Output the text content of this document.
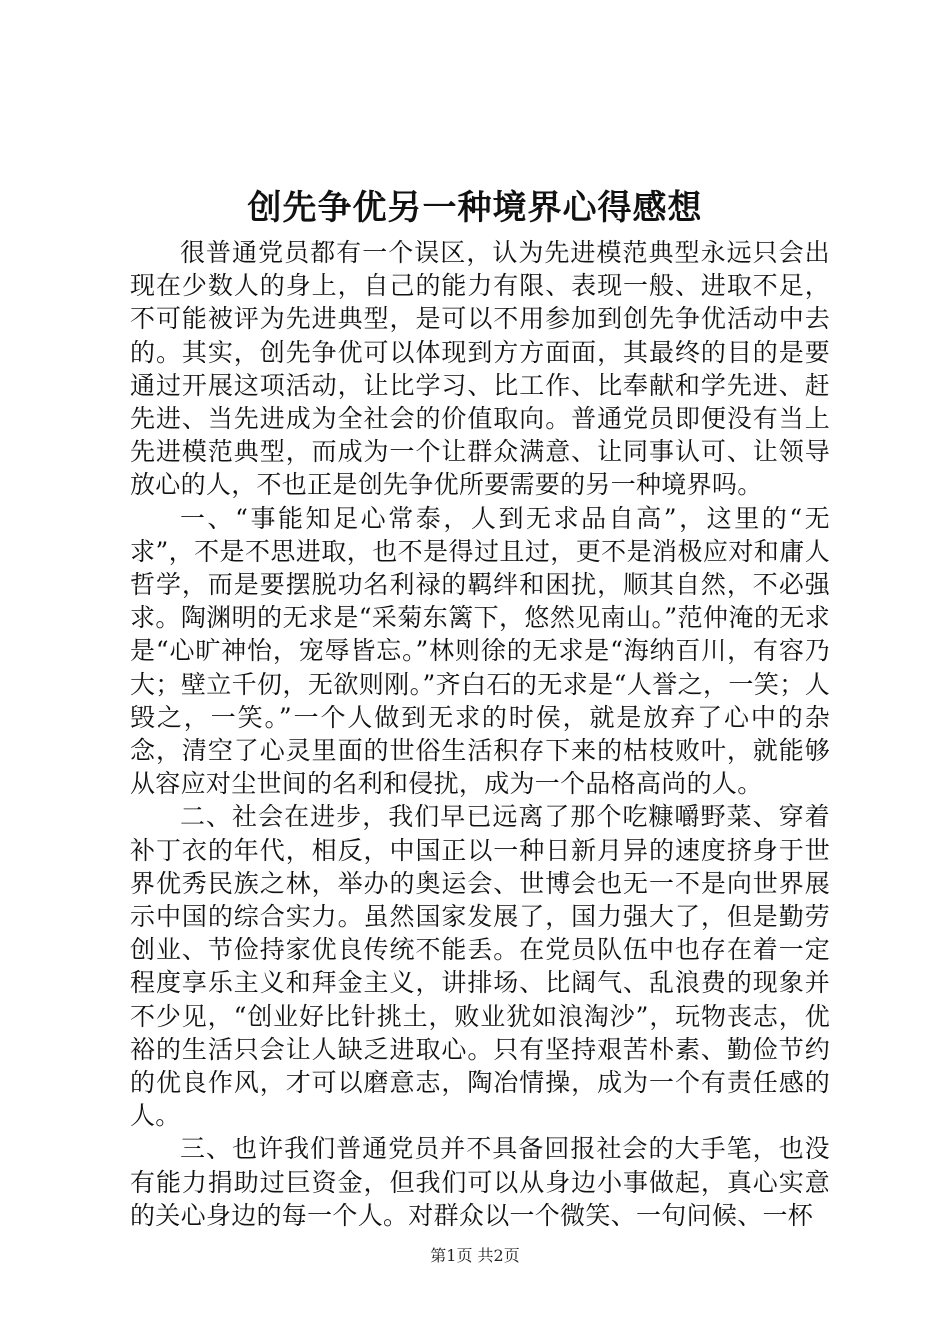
创先争优另一种境界心得感想

很普通党员都有一个误区，认为先进模范典型永远只会出现在少数人的身上，自己的能力有限、表现一般、进取不足，不可能被评为先进典型，是可以不用参加到创先争优活动中去的。其实，创先争优可以体现到方方面面，其最终的目的是要通过开展这项活动，让比学习、比工作、比奉献和学先进、赶先进、当先进成为全社会的价值取向。普通党员即便没有当上先进模范典型，而成为一个让群众满意、让同事认可、让领导放心的人，不也正是创先争优所要需要的另一种境界吗。

一、“事能知足心常泰，人到无求品自高”，这里的“无求”，不是不思进取，也不是得过且过，更不是消极应对和庸人哲学，而是要摆脱功名利禄的羁绊和困扰，顺其自然，不必强求。陶渊明的无求是“采菊东篱下，悠然见南山。”范仲淹的无求是“心旷神怡，宠辱皆忘。”林则徐的无求是“海纳百川，有容乃大；壁立千仞，无欲则刚。”齐白石的无求是“人誉之，一笑；人毁之，一笑。”一个人做到无求的时侯，就是放弃了心中的杂念，清空了心灵里面的世俗生活积存下来的枯枝败叶，就能够从容应对尘世间的名利和侵扰，成为一个品格高尚的人。

二、社会在进步，我们早已远离了那个吃糠嚼野菜、穿着补丁衣的年代，相反，中国正以一种日新月异的速度挤身于世界优秀民族之林，举办的奥运会、世博会也无一不是向世界展示中国的综合实力。虽然国家发展了，国力强大了，但是勤劳创业、节俭持家优良传统不能丢。在党员队伍中也存在着一定程度享乐主义和拜金主义，讲排场、比阔气、乱浪费的现象并不少见，“创业好比针挑土，败业犹如浪淘沙”，玩物丧志，优裕的生活只会让人缺乏进取心。只有坚持艰苦朴素、勤俭节约的优良作风，才可以磨意志，陶冶情操，成为一个有责任感的人。

三、也许我们普通党员并不具备回报社会的大手笔，也没有能力捐助过巨资金，但我们可以从身边小事做起，真心实意的关心身边的每一个人。对群众以一个微笑、一句问候、一杯

第1页 共2页
